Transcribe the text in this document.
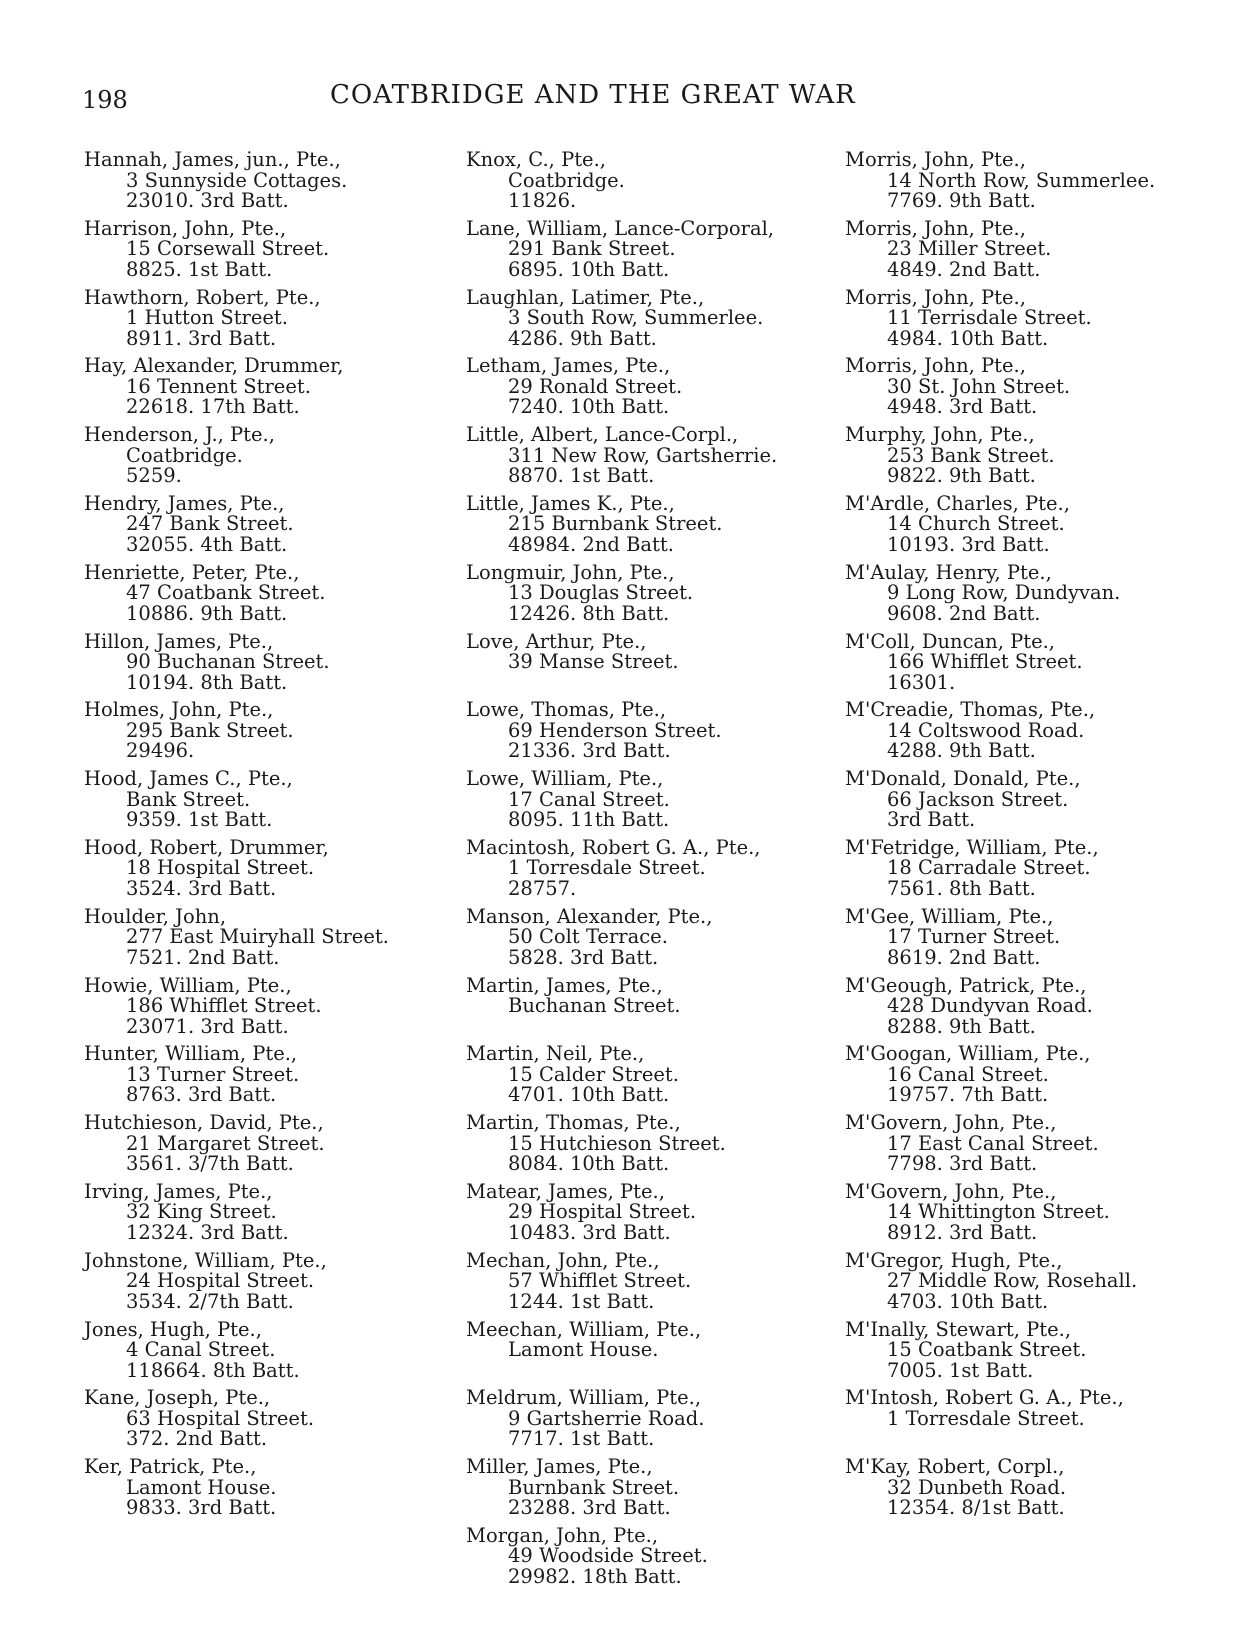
198	COATBRIDGE AND THE GREAT WAR
Hannah, James, jun., Pte.,
3 Sunnyside Cottages.
23010. 3rd Batt.
Harrison, John, Pte.,
15 Corsewall Street.
8825. 1st Batt.
Hawthorn, Robert, Pte.,
1 Hutton Street.
8911. 3rd Batt.
Hay, Alexander, Drummer,
16 Tennent Street.
22618. 17th Batt.
Henderson, J., Pte.,
Coatbridge.
5259.
Hendry, James, Pte.,
247 Bank Street.
32055. 4th Batt.
Henriette, Peter, Pte.,
47 Coatbank Street.
10886. 9th Batt.
Hillon, James, Pte.,
90 Buchanan Street.
10194. 8th Batt.
Holmes, John, Pte.,
295 Bank Street.
29496.
Hood, James C., Pte.,
Bank Street.
9359. 1st Batt.
Hood, Robert, Drummer,
18 Hospital Street.
3524. 3rd Batt.
Houlder, John,
277 East Muiryhall Street.
7521. 2nd Batt.
Howie, William, Pte.,
186 Whifflet Street.
23071. 3rd Batt.
Hunter, William, Pte.,
13 Turner Street.
8763. 3rd Batt.
Hutchieson, David, Pte.,
21 Margaret Street.
3561. 3/7th Batt.
Irving, James, Pte.,
32 King Street.
12324. 3rd Batt.
Johnstone, William, Pte.,
24 Hospital Street.
3534. 2/7th Batt.
Jones, Hugh, Pte.,
4 Canal Street.
118664. 8th Batt.
Kane, Joseph, Pte.,
63 Hospital Street.
372. 2nd Batt.
Ker, Patrick, Pte.,
Lamont House.
9833. 3rd Batt.
Knox, C., Pte.,
Coatbridge.
11826.
Lane, William, Lance-Corporal,
291 Bank Street.
6895. 10th Batt.
Laughlan, Latimer, Pte.,
3 South Row, Summerlee.
4286. 9th Batt.
Letham, James, Pte.,
29 Ronald Street.
7240. 10th Batt.
Little, Albert, Lance-Corpl.,
311 New Row, Gartsherrie.
8870. 1st Batt.
Little, James K., Pte.,
215 Burnbank Street.
48984. 2nd Batt.
Longmuir, John, Pte.,
13 Douglas Street.
12426. 8th Batt.
Love, Arthur, Pte.,
39 Manse Street.
Lowe, Thomas, Pte.,
69 Henderson Street.
21336. 3rd Batt.
Lowe, William, Pte.,
17 Canal Street.
8095. 11th Batt.
Macintosh, Robert G. A., Pte.,
1 Torresdale Street.
28757.
Manson, Alexander, Pte.,
50 Colt Terrace.
5828. 3rd Batt.
Martin, James, Pte.,
Buchanan Street.
Martin, Neil, Pte.,
15 Calder Street.
4701. 10th Batt.
Martin, Thomas, Pte.,
15 Hutchieson Street.
8084. 10th Batt.
Matear, James, Pte.,
29 Hospital Street.
10483. 3rd Batt.
Mechan, John, Pte.,
57 Whifflet Street.
1244. 1st Batt.
Meechan, William, Pte.,
Lamont House.
Meldrum, William, Pte.,
9 Gartsherrie Road.
7717. 1st Batt.
Miller, James, Pte.,
Burnbank Street.
23288. 3rd Batt.
Morgan, John, Pte.,
49 Woodside Street.
29982. 18th Batt.
Morris, John, Pte.,
14 North Row, Summerlee.
7769. 9th Batt.
Morris, John, Pte.,
23 Miller Street.
4849. 2nd Batt.
Morris, John, Pte.,
11 Terrisdale Street.
4984. 10th Batt.
Morris, John, Pte.,
30 St. John Street.
4948. 3rd Batt.
Murphy, John, Pte.,
253 Bank Street.
9822. 9th Batt.
M'Ardle, Charles, Pte.,
14 Church Street.
10193. 3rd Batt.
M'Aulay, Henry, Pte.,
9 Long Row, Dundyvan.
9608. 2nd Batt.
M'Coll, Duncan, Pte.,
166 Whifflet Street.
16301.
M'Creadie, Thomas, Pte.,
14 Coltswood Road.
4288. 9th Batt.
M'Donald, Donald, Pte.,
66 Jackson Street.
3rd Batt.
M'Fetridge, William, Pte.,
18 Carradale Street.
7561. 8th Batt.
M'Gee, William, Pte.,
17 Turner Street.
8619. 2nd Batt.
M'Geough, Patrick, Pte.,
428 Dundyvan Road.
8288. 9th Batt.
M'Googan, William, Pte.,
16 Canal Street.
19757. 7th Batt.
M'Govern, John, Pte.,
17 East Canal Street.
7798. 3rd Batt.
M'Govern, John, Pte.,
14 Whittington Street.
8912. 3rd Batt.
M'Gregor, Hugh, Pte.,
27 Middle Row, Rosehall.
4703. 10th Batt.
M'Inally, Stewart, Pte.,
15 Coatbank Street.
7005. 1st Batt.
M'Intosh, Robert G. A., Pte.,
1 Torresdale Street.
M'Kay, Robert, Corpl.,
32 Dunbeth Road.
12354. 8/1st Batt.
